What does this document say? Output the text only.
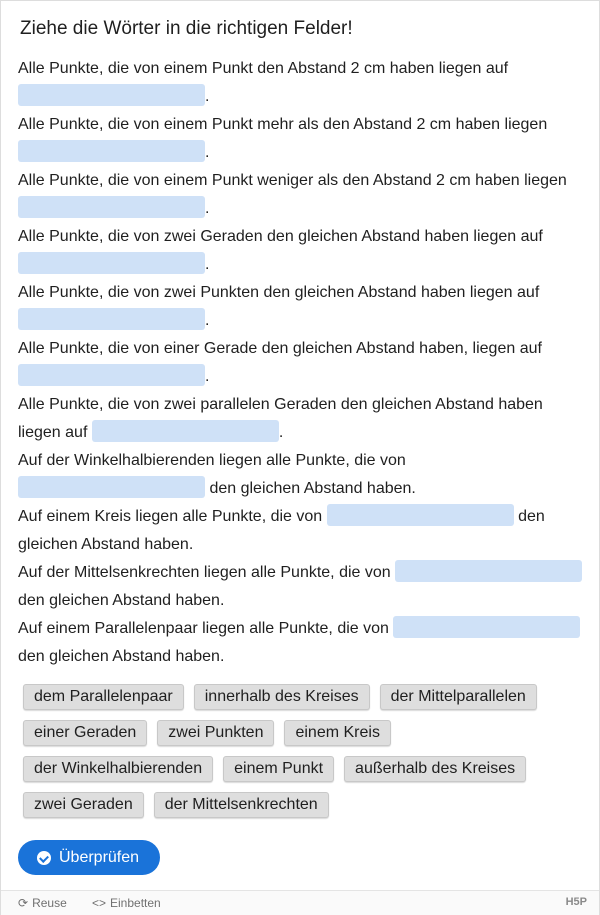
Ziehe die Wörter in die richtigen Felder!
Alle Punkte, die von einem Punkt den Abstand 2 cm haben liegen auf
.
Alle Punkte, die von einem Punkt mehr als den Abstand 2 cm haben liegen
.
Alle Punkte, die von einem Punkt weniger als den Abstand 2 cm haben liegen
.
Alle Punkte, die von zwei Geraden den gleichen Abstand haben liegen auf
.
Alle Punkte, die von zwei Punkten den gleichen Abstand haben liegen auf
.
Alle Punkte, die von einer Gerade den gleichen Abstand haben, liegen auf
.
Alle Punkte, die von zwei parallelen Geraden den gleichen Abstand haben
liegen auf	.
Auf der Winkelhalbierenden liegen alle Punkte, die von
den gleichen Abstand haben.
Auf einem Kreis liegen alle Punkte, die von	den
gleichen Abstand haben.
Auf der Mittelsenkrechten liegen alle Punkte, die von
den gleichen Abstand haben.
Auf einem Parallelenpaar liegen alle Punkte, die von
den gleichen Abstand haben.
dem Parallelenpaar	innerhalb des Kreises	der Mittelparallelen
einer Geraden	zwei Punkten	einem Kreis
der Winkelhalbierenden	einem Punkt	außerhalb des Kreises
zwei Geraden	der Mittelsenkrechten
Überprüfen
⟳ Reuse <> Einbetten	H5P
